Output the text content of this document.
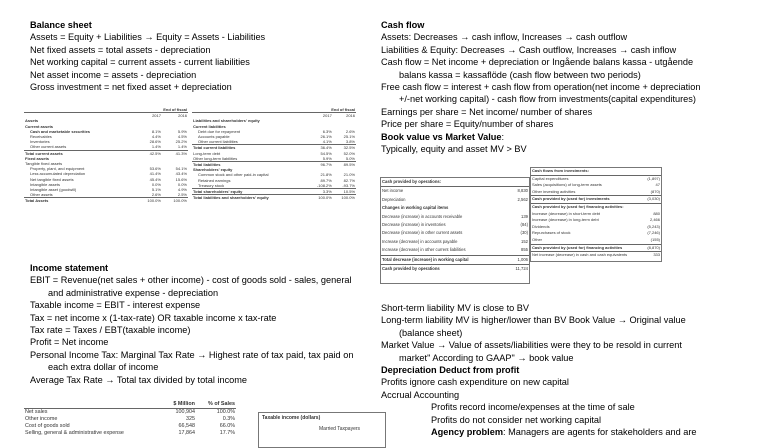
Balance sheet

Assets = Equity + Liabilities → Equity = Assets - Liabilities

Net fixed assets = total assets - depreciation

Net working capital = current assets - current liabilities

Net asset income = assets - depreciation

Gross investment = net fixed asset + depreciation

	End of fiscal	
	2017	2016
Assets		
Current assets		
Cash and marketable securities	8.1%	5.9%
Receivables	4.4%	4.5%
Inventories	28.6%	25.2%
Other current assets	1.4%	1.4%
Total current assets	42.5%	41.3%

Fixed assets		
Tangible fixed assets		
Property, plant, and equipment	53.6%	54.1%
Less accumulated depreciation	41.4%	43.4%
Net tangible fixed assets	45.4%	15.6%
Intangible assets	0.0%	0.0%
Intangible asset (goodwill)	5.1%	4.9%
Other assets	2.6%	2.5%

Total Assets	100.0%	100.0%
	End of fiscal	
	2017	2016
Liabilities and shareholders' equity		
Current liabilities		
Debt due for repayment	6.3%	2.6%
Accounts payable	26.1%	25.1%
Other current liabilities	4.1%	3.8%
Total current liabilities	36.4%	32.5%

Long-term debt	54.5%	52.0%
Other long-term liabilities	5.9%	5.0%

Total liabilities	96.7%	89.5%

Shareholders' equity		
Common stock and other paid-in capital	21.8%	21.0%
Retained earnings	89.7%	82.7%
Treasury stock	-108.2%	-93.7%
Total shareholders' equity	3.3%	10.5%
Total liabilities and shareholders' equity	100.0%	100.0%

Income statement

EBIT = Revenue(net sales + other income) - cost of goods sold - sales, general

and administrative expense - depreciation

Taxable income = EBIT - interest expense

Tax = net income x (1-tax-rate) OR taxable income x tax-rate

Tax rate = Taxes / EBT(taxable income)

Profit = Net income

Personal Income Tax: Marginal Tax Rate → Highest rate of tax paid, tax paid on

each extra dollar of income

Average Tax Rate → Total tax divided by total income

	$ Million	% of Sales
Net sales	100,904	100.0%
Other income	325	0.3%
Cost of goods sold	66,548	66.0%
Selling, general & administrative expense	17,864	17.7%
Taxable income (dollars)
Married Taxpayers

Cash flow

Assets: Decreases → cash inflow, Increases → cash outflow

Liabilities & Equity: Decreases → Cash outflow, Increases → cash inflow

Cash flow = Net income + depreciation or Ingående balans kassa - utgående

balans kassa = kassaflöde (cash flow between two periods)

Free cash flow = interest + cash flow from operation(net income + depreciation

+/-net working capital) - cash flow from investments(capital expenditures)

Earnings per share = Net income/ number of shares

Price per share = Equity/number of shares

Book value vs Market Value:

Typically, equity and asset MV > BV

Cash provided by operations:	
Net income	8,830
Depreciation	2,562
Changes in working capital items	
Decrease (increase) in accounts receivable	139
Decrease (increase) in inventories	(84)
Decrease (increase) in other current assets	(30)
Increase (decrease) in accounts payable	152
Increase (decrease) in other current liabilities	855
Total decrease (increase) in working capital	1,006
Cash provided by operations	11,724
Cash flows from investments:	
Capital expenditures	(1,897)
Sales (acquisitions) of long-term assets	47
Other investing activities	(870)
Cash provided by (used for) investments	(3,030)

Cash provided by (used for) financing activities:	
Increase (decrease) in short-term debt	880
Increase (decrease) in long-term debt	2,466
Dividends	(5,243)
Repurchases of stock	(7,246)
Other	(155)
Cash provided by (used for) financing activities	(8,870)
Net increase (decrease) in cash and cash equivalents	333

Short-term liability MV is close to BV

Long-term liability MV is higher/lower than BV Book Value → Original value

(balance sheet)

Market Value → Value of assets/liabilities were they to be resold in current

market" According to GAAP" → book value

Depreciation Deduct from profit

Profits ignore cash expenditure on new capital

Accrual Accounting

Profits record income/expenses at the time of sale

Profits do not consider net working capital

Agency problem: Managers are agents for stakeholders and are
